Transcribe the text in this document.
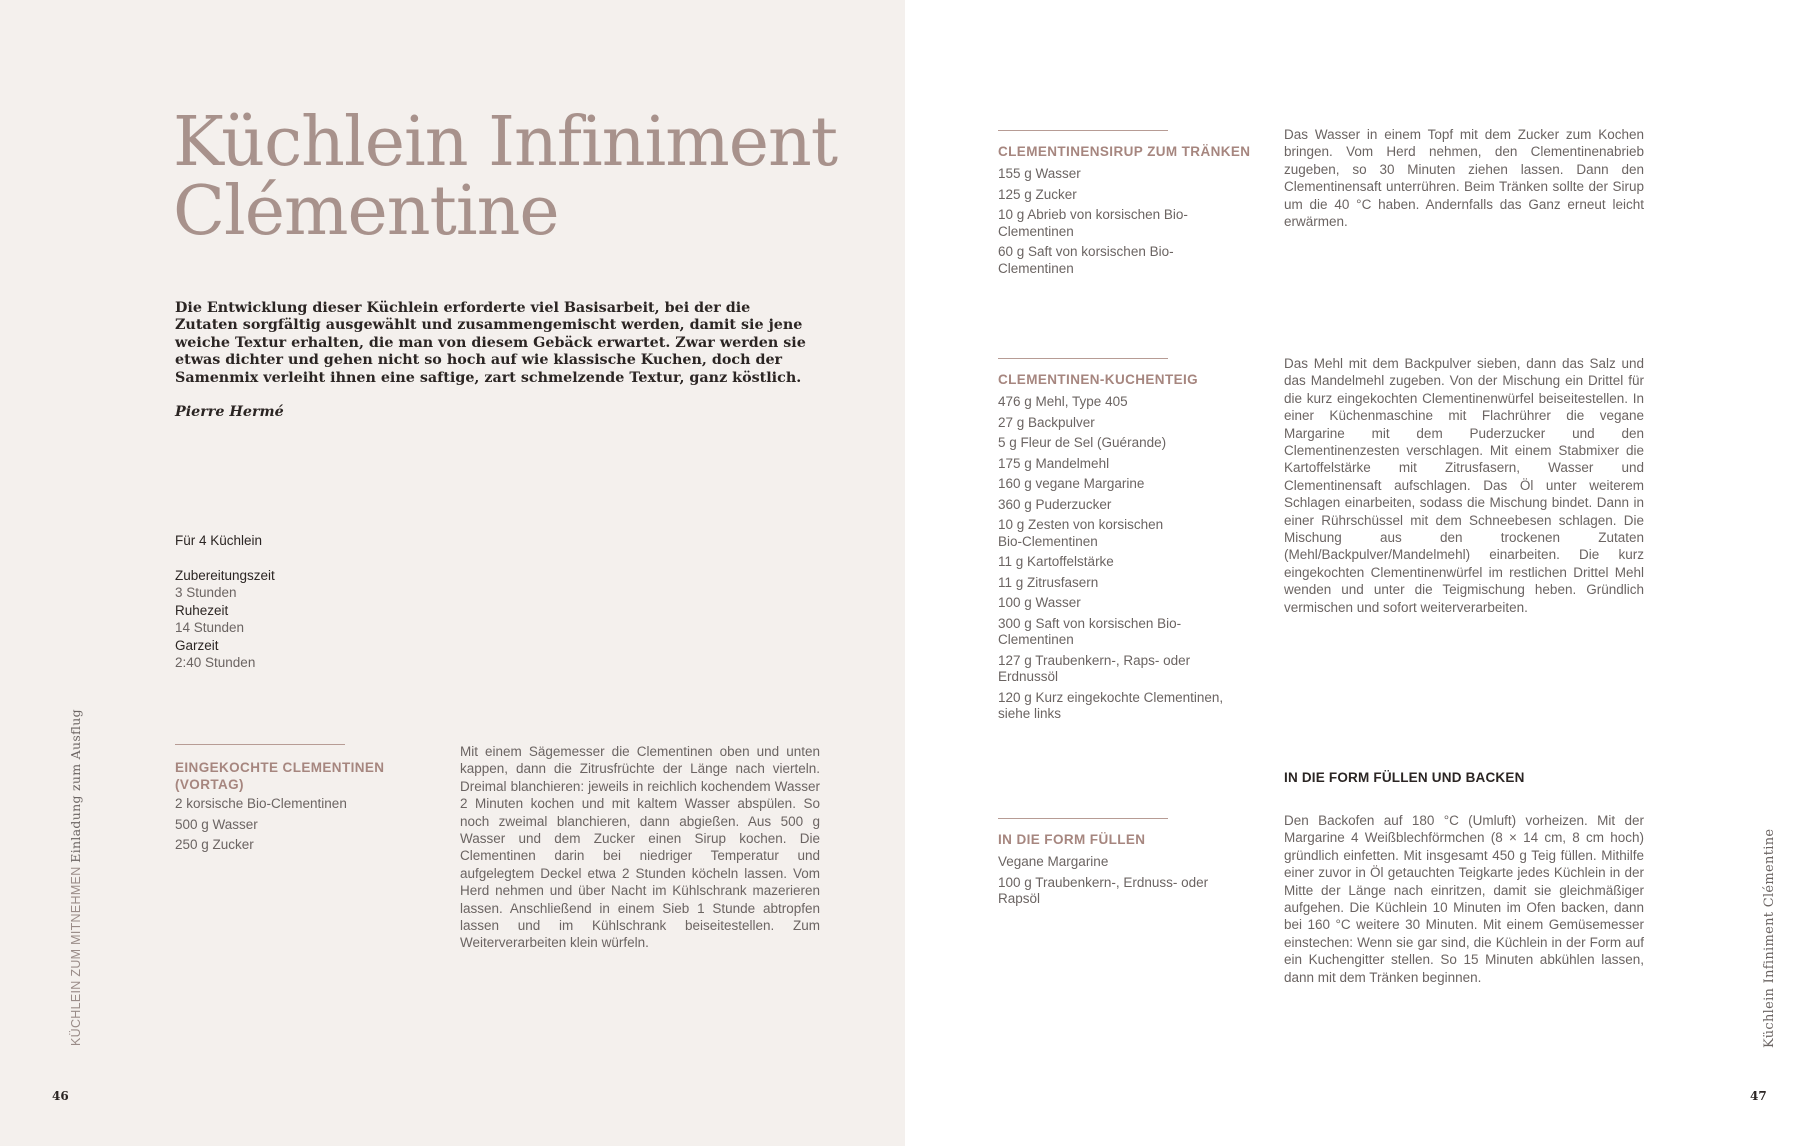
Küchlein Infiniment
Clémentine

Die Entwicklung dieser Küchlein erforderte viel Basisarbeit, bei der die Zutaten sorgfältig ausgewählt und zusammengemischt werden, damit sie jene weiche Textur erhalten, die man von diesem Gebäck erwartet. Zwar werden sie etwas dichter und gehen nicht so hoch auf wie klassische Kuchen, doch der Samenmix verleiht ihnen eine saftige, zart schmelzende Textur, ganz köstlich.

Pierre Hermé

Für 4 Küchlein
Zubereitungszeit
3 Stunden
Ruhezeit
14 Stunden
Garzeit
2:40 Stunden
EINGEKOCHTE CLEMENTINEN (VORTAG)
2 korsische Bio-Clementinen
500 g Wasser
250 g Zucker

Mit einem Sägemesser die Clementinen oben und unten kappen, dann die Zitrusfrüchte der Länge nach vierteln. Dreimal blanchieren: jeweils in reichlich kochendem Wasser 2 Minuten kochen und mit kaltem Wasser abspülen. So noch zweimal blanchieren, dann abgießen. Aus 500 g Wasser und dem Zucker einen Sirup kochen. Die Clementinen darin bei niedriger Temperatur und aufgelegtem Deckel etwa 2 Stunden köcheln lassen. Vom Herd nehmen und über Nacht im Kühlschrank mazerieren lassen. Anschließend in einem Sieb 1 Stunde abtropfen lassen und im Kühlschrank beiseitestellen. Zum Weiterverarbeiten klein würfeln.

KÜCHLEIN ZUM MITNEHMEN Einladung zum Ausflug
46
CLEMENTINENSIRUP ZUM TRÄNKEN
155 g Wasser
125 g Zucker
10 g Abrieb von korsischen Bio-Clementinen
60 g Saft von korsischen Bio-Clementinen

Das Wasser in einem Topf mit dem Zucker zum Kochen bringen. Vom Herd nehmen, den Clementinenabrieb zugeben, so 30 Minuten ziehen lassen. Dann den Clementinensaft unterrühren. Beim Tränken sollte der Sirup um die 40 °C haben. Andernfalls das Ganz erneut leicht erwärmen.

CLEMENTINEN-KUCHENTEIG
476 g Mehl, Type 405
27 g Backpulver
5 g Fleur de Sel (Guérande)
175 g Mandelmehl
160 g vegane Margarine
360 g Puderzucker
10 g Zesten von korsischen Bio-Clementinen
11 g Kartoffelstärke
11 g Zitrusfasern
100 g Wasser
300 g Saft von korsischen Bio-Clementinen
127 g Traubenkern-, Raps- oder Erdnussöl
120 g Kurz eingekochte Clementinen, siehe links

Das Mehl mit dem Backpulver sieben, dann das Salz und das Mandelmehl zugeben. Von der Mischung ein Drittel für die kurz eingekochten Clementinenwürfel beiseitestellen. In einer Küchenmaschine mit Flachrührer die vegane Margarine mit dem Puderzucker und den Clementinenzesten verschlagen. Mit einem Stabmixer die Kartoffelstärke mit Zitrusfasern, Wasser und Clementinensaft aufschlagen. Das Öl unter weiterem Schlagen einarbeiten, sodass die Mischung bindet. Dann in einer Rührschüssel mit dem Schneebesen schlagen. Die Mischung aus den trockenen Zutaten (Mehl/Backpulver/Mandelmehl) einarbeiten. Die kurz eingekochten Clementinenwürfel im restlichen Drittel Mehl wenden und unter die Teigmischung heben. Gründlich vermischen und sofort weiterverarbeiten.

IN DIE FORM FÜLLEN UND BACKEN
IN DIE FORM FÜLLEN
Vegane Margarine
100 g Traubenkern-, Erdnuss- oder Rapsöl

Den Backofen auf 180 °C (Umluft) vorheizen. Mit der Margarine 4 Weißblechförmchen (8 × 14 cm, 8 cm hoch) gründlich einfetten. Mit insgesamt 450 g Teig füllen. Mithilfe einer zuvor in Öl getauchten Teigkarte jedes Küchlein in der Mitte der Länge nach einritzen, damit sie gleichmäßiger aufgehen. Die Küchlein 10 Minuten im Ofen backen, dann bei 160 °C weitere 30 Minuten. Mit einem Gemüsemesser einstechen: Wenn sie gar sind, die Küchlein in der Form auf ein Kuchengitter stellen. So 15 Minuten abkühlen lassen, dann mit dem Tränken beginnen.	Küchlein Infiniment Clémentine
47
